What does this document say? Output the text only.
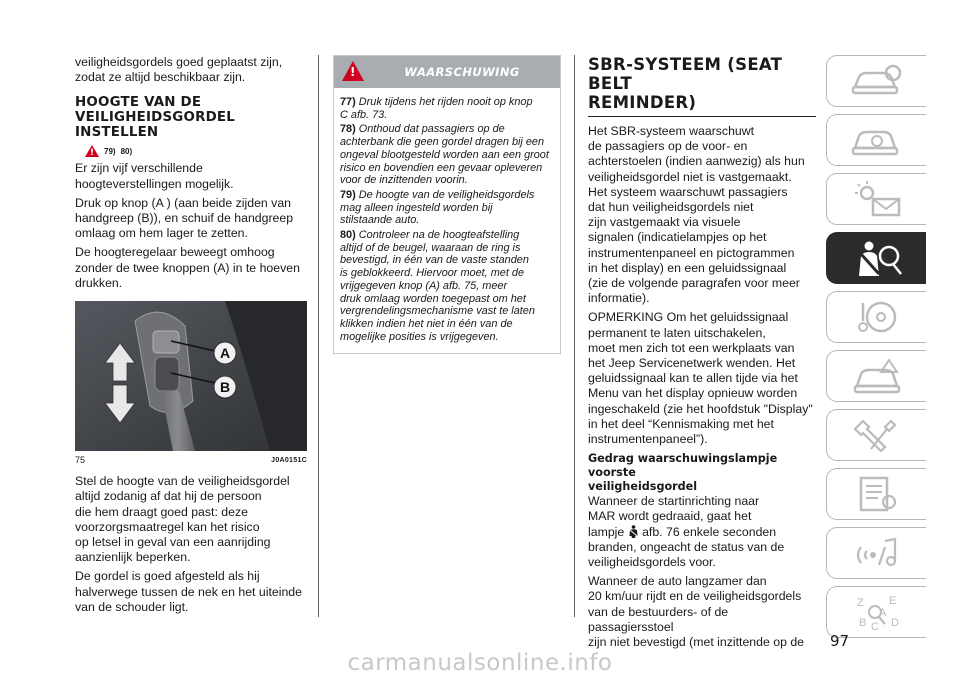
veiligheidsgordels goed geplaatst zijn,
zodat ze altijd beschikbaar zijn.
HOOGTE VAN DE
VEILIGHEIDSGORDEL INSTELLEN
!
79) 80)
Er zijn vijf verschillende
hoogteverstellingen mogelijk.
Druk op knop (A ) (aan beide zijden van
handgreep (B)), en schuif de handgreep
omlaag om hem lager te zetten.
De hoogteregelaar beweegt omhoog
zonder de twee knoppen (A) in te hoeven
drukken.
A
B
75	J0A0151C
Stel de hoogte van de veiligheidsgordel
altijd zodanig af dat hij de persoon
die hem draagt goed past: deze
voorzorgsmaatregel kan het risico
op letsel in geval van een aanrijding
aanzienlijk beperken.
De gordel is goed afgesteld als hij
halverwege tussen de nek en het uiteinde
van de schouder ligt.
!
WAARSCHUWING
77) Druk tijdens het rijden nooit op knop
C afb. 73.
78) Onthoud dat passagiers op de
achterbank die geen gordel dragen bij een
ongeval blootgesteld worden aan een groot
risico en bovendien een gevaar opleveren
voor de inzittenden voorin.
79) De hoogte van de veiligheidsgordels
mag alleen ingesteld worden bij
stilstaande auto.
80) Controleer na de hoogteafstelling
altijd of de beugel, waaraan de ring is
bevestigd, in één van de vaste standen
is geblokkeerd. Hiervoor moet, met de
vrijgegeven knop (A) afb. 75, meer
druk omlaag worden toegepast om het
vergrendelingsmechanisme vast te laten
klikken indien het niet in één van de
mogelijke posities is vrijgegeven.
SBR-SYSTEEM (SEAT BELT
REMINDER)
Het SBR-systeem waarschuwt
de passagiers op de voor- en
achterstoelen (indien aanwezig) als hun
veiligheidsgordel niet is vastgemaakt.
Het systeem waarschuwt passagiers
dat hun veiligheidsgordels niet
zijn vastgemaakt via visuele
signalen (indicatielampjes op het
instrumentenpaneel en pictogrammen
in het display) en een geluidssignaal
(zie de volgende paragrafen voor meer
informatie).
OPMERKING Om het geluidssignaal
permanent te laten uitschakelen,
moet men zich tot een werkplaats van
het Jeep Servicenetwerk wenden. Het
geluidssignaal kan te allen tijde via het
Menu van het display opnieuw worden
ingeschakeld (zie het hoofdstuk "Display"
in het deel “Kennismaking met het
instrumentenpaneel”).
Gedrag waarschuwingslampje voorste
veiligheidsgordel
Wanneer de startinrichting naar
MAR wordt gedraaid, gaat het
lampje afb. 76 enkele seconden
branden, ongeacht de status van de
veiligheidsgordels voor.
Wanneer de auto langzamer dan
20 km/uur rijdt en de veiligheidsgordels
van de bestuurders- of de passagiersstoel
zijn niet bevestigd (met inzittende op de
Z E
A
B C D
97
carmanualsonline.info
